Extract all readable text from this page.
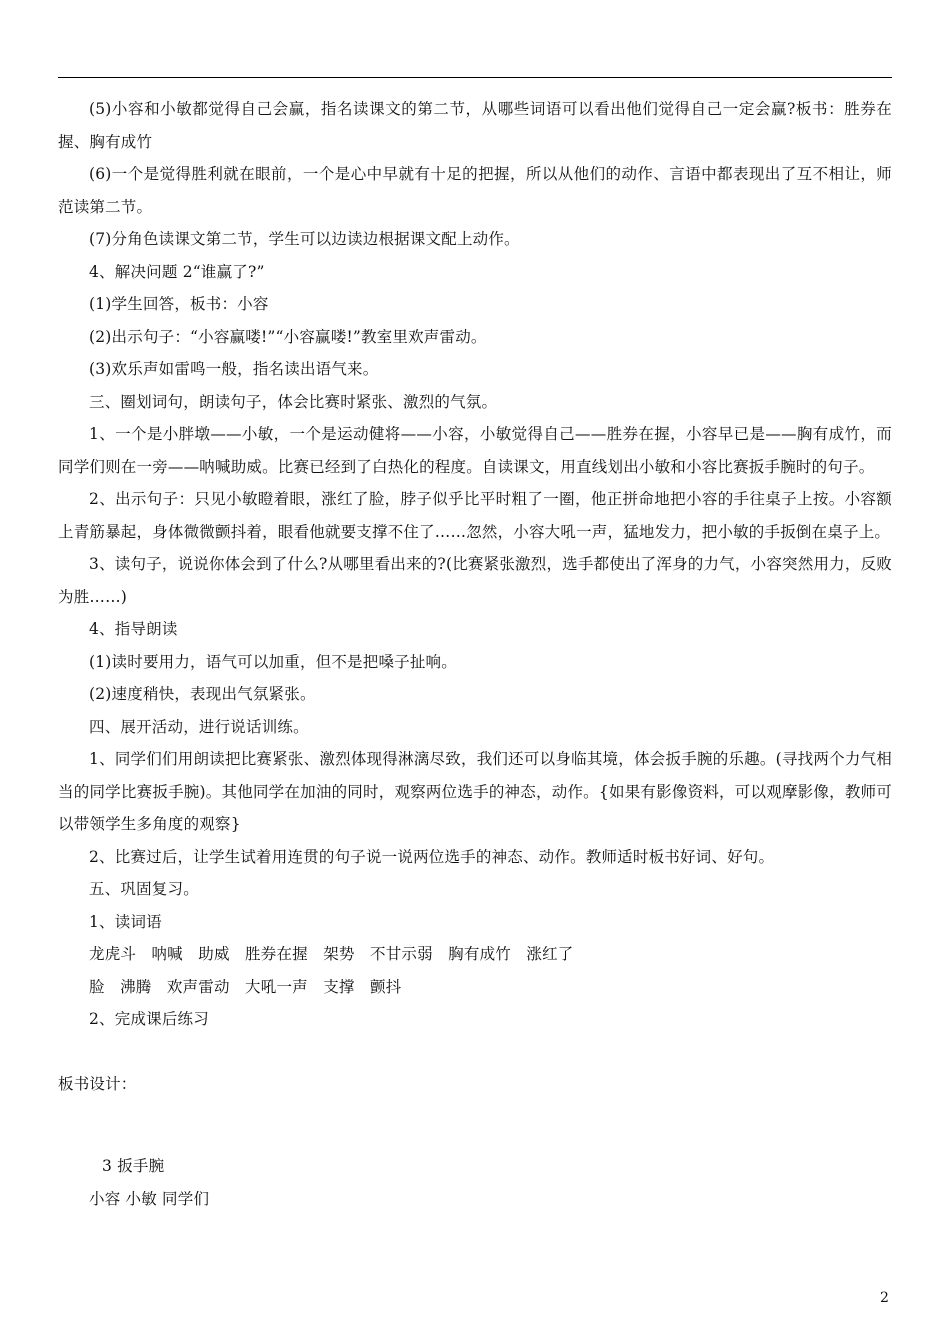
(5)小容和小敏都觉得自己会赢，指名读课文的第二节，从哪些词语可以看出他们觉得自己一定会赢?板书：胜券在握、胸有成竹

(6)一个是觉得胜利就在眼前，一个是心中早就有十足的把握，所以从他们的动作、言语中都表现出了互不相让，师范读第二节。

(7)分角色读课文第二节，学生可以边读边根据课文配上动作。

4、解决问题 2“谁赢了?”

(1)学生回答，板书：小容

(2)出示句子：“小容赢喽!”“小容赢喽!”教室里欢声雷动。

(3)欢乐声如雷鸣一般，指名读出语气来。

三、圈划词句，朗读句子，体会比赛时紧张、激烈的气氛。

1、一个是小胖墩——小敏，一个是运动健将——小容，小敏觉得自己——胜券在握，小容早已是——胸有成竹，而同学们则在一旁——呐喊助威。比赛已经到了白热化的程度。自读课文，用直线划出小敏和小容比赛扳手腕时的句子。

2、出示句子：只见小敏瞪着眼，涨红了脸，脖子似乎比平时粗了一圈，他正拼命地把小容的手往桌子上按。小容额上青筋暴起，身体微微颤抖着，眼看他就要支撑不住了……忽然，小容大吼一声，猛地发力，把小敏的手扳倒在桌子上。

3、读句子，说说你体会到了什么?从哪里看出来的?(比赛紧张激烈，选手都使出了浑身的力气，小容突然用力，反败为胜……)

4、指导朗读

(1)读时要用力，语气可以加重，但不是把嗓子扯响。

(2)速度稍快，表现出气氛紧张。

四、展开活动，进行说话训练。

1、同学们们用朗读把比赛紧张、激烈体现得淋漓尽致，我们还可以身临其境，体会扳手腕的乐趣。(寻找两个力气相当的同学比赛扳手腕)。其他同学在加油的同时，观察两位选手的神态，动作。{如果有影像资料，可以观摩影像，教师可以带领学生多角度的观察}

2、比赛过后，让学生试着用连贯的句子说一说两位选手的神态、动作。教师适时板书好词、好句。

五、巩固复习。

1、读词语

龙虎斗   呐喊   助威   胜券在握   架势   不甘示弱   胸有成竹   涨红了

脸   沸腾   欢声雷动   大吼一声   支撑   颤抖

2、完成课后练习

板书设计：

3 扳手腕

小容 小敏 同学们

2
